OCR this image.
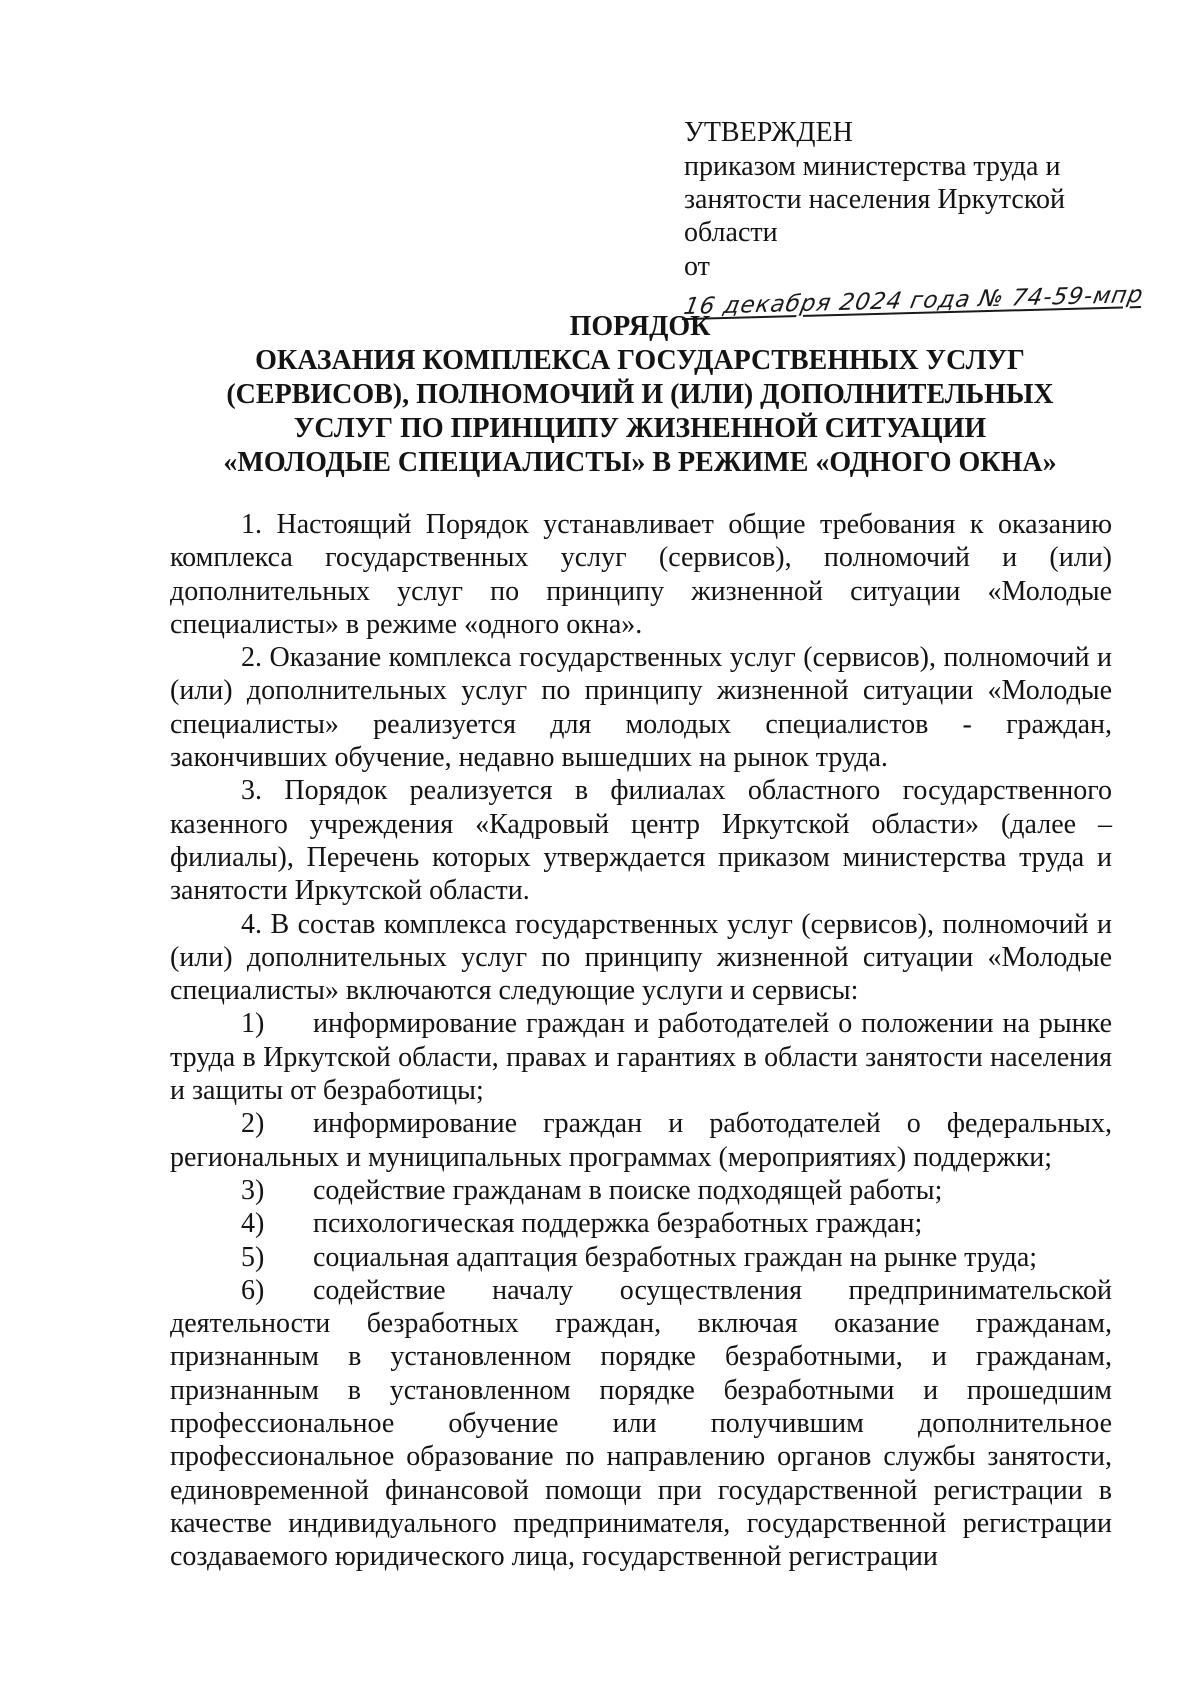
УТВЕРЖДЕН
приказом министерства труда и
занятости населения Иркутской
области
от 16 декабря 2024 года № 74-59-мпр
ПОРЯДОК
ОКАЗАНИЯ КОМПЛЕКСА ГОСУДАРСТВЕННЫХ УСЛУГ
(СЕРВИСОВ), ПОЛНОМОЧИЙ И (ИЛИ) ДОПОЛНИТЕЛЬНЫХ
УСЛУГ ПО ПРИНЦИПУ ЖИЗНЕННОЙ СИТУАЦИИ
«МОЛОДЫЕ СПЕЦИАЛИСТЫ» В РЕЖИМЕ «ОДНОГО ОКНА»

1. Настоящий Порядок устанавливает общие требования к оказанию комплекса государственных услуг (сервисов), полномочий и (или) дополнительных услуг по принципу жизненной ситуации «Молодые специалисты» в режиме «одного окна».

2. Оказание комплекса государственных услуг (сервисов), полномочий и (или) дополнительных услуг по принципу жизненной ситуации «Молодые специалисты» реализуется для молодых специалистов - граждан, закончивших обучение, недавно вышедших на рынок труда.

3. Порядок реализуется в филиалах областного государственного казенного учреждения «Кадровый центр Иркутской области» (далее – филиалы), Перечень которых утверждается приказом министерства труда и занятости Иркутской области.

4. В состав комплекса государственных услуг (сервисов), полномочий и (или) дополнительных услуг по принципу жизненной ситуации «Молодые специалисты» включаются следующие услуги и сервисы:

1) информирование граждан и работодателей о положении на рынке труда в Иркутской области, правах и гарантиях в области занятости населения и защиты от безработицы;

2) информирование граждан и работодателей о федеральных, региональных и муниципальных программах (мероприятиях) поддержки;

3) содействие гражданам в поиске подходящей работы;

4) психологическая поддержка безработных граждан;

5) социальная адаптация безработных граждан на рынке труда;

6) содействие началу осуществления предпринимательской деятельности безработных граждан, включая оказание гражданам, признанным в установленном порядке безработными, и гражданам, признанным в установленном порядке безработными и прошедшим профессиональное обучение или получившим дополнительное профессиональное образование по направлению органов службы занятости, единовременной финансовой помощи при государственной регистрации в качестве индивидуального предпринимателя, государственной регистрации создаваемого юридического лица, государственной регистрации
